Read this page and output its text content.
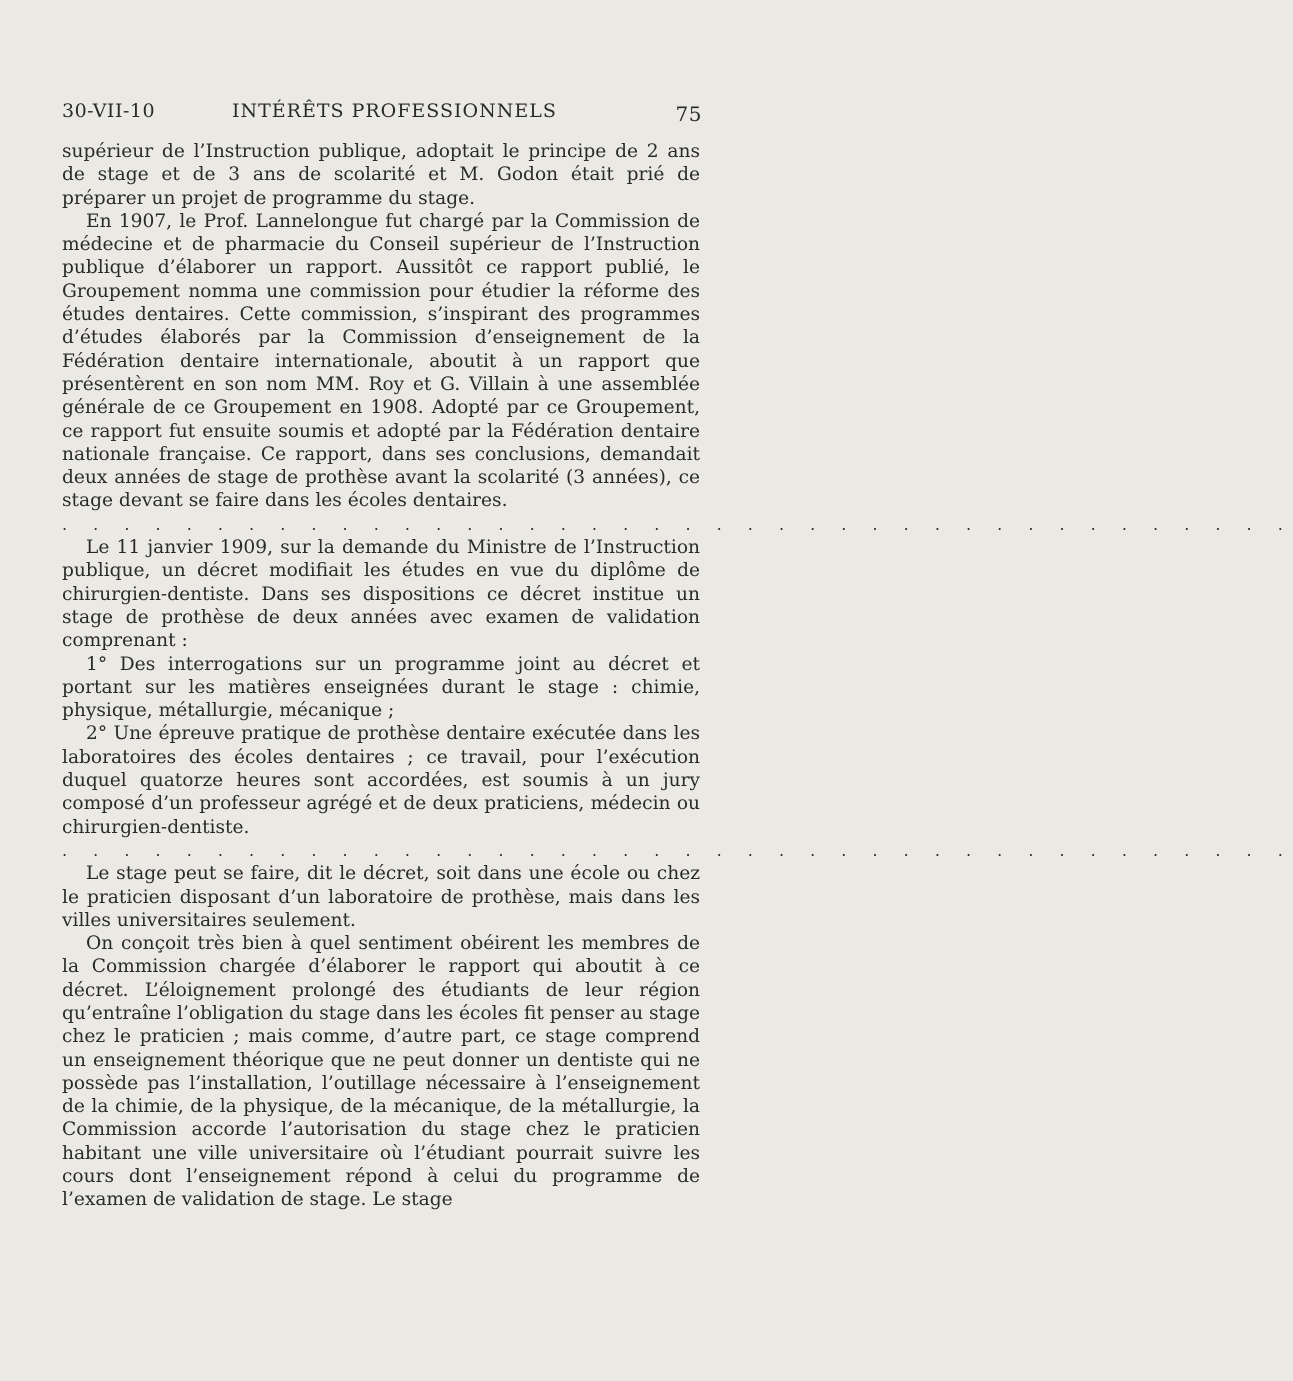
30-VII-10	INTÉRÊTS PROFESSIONNELS	75

supérieur de l’Instruction publique, adoptait le principe de 2 ans de stage et de 3 ans de scolarité et M. Godon était prié de préparer un projet de programme du stage.

En 1907, le Prof. Lannelongue fut chargé par la Commission de médecine et de pharmacie du Conseil supérieur de l’Instruction publique d’élaborer un rapport. Aussitôt ce rapport publié, le Groupement nomma une commission pour étudier la réforme des études dentaires. Cette commission, s’inspirant des programmes d’études élaborés par la Commission d’enseignement de la Fédération dentaire internationale, aboutit à un rapport que présentèrent en son nom MM. Roy et G. Villain à une assemblée générale de ce Groupement en 1908. Adopté par ce Groupement, ce rapport fut ensuite soumis et adopté par la Fédération dentaire nationale française. Ce rapport, dans ses conclusions, demandait deux années de stage de prothèse avant la scolarité (3 années), ce stage devant se faire dans les écoles dentaires.

. . . . . . . . . . . . . . . . . . . . . . . . . . . . . . . . . . . . . . . .

Le 11 janvier 1909, sur la demande du Ministre de l’Instruction publique, un décret modifiait les études en vue du diplôme de chirurgien-dentiste. Dans ses dispositions ce décret institue un stage de prothèse de deux années avec examen de validation comprenant :

1° Des interrogations sur un programme joint au décret et portant sur les matières enseignées durant le stage : chimie, physique, métallurgie, mécanique ;

2° Une épreuve pratique de prothèse dentaire exécutée dans les laboratoires des écoles dentaires ; ce travail, pour l’exécution duquel quatorze heures sont accordées, est soumis à un jury composé d’un professeur agrégé et de deux praticiens, médecin ou chirurgien-dentiste.

. . . . . . . . . . . . . . . . . . . . . . . . . . . . . . . . . . . . . . . .

Le stage peut se faire, dit le décret, soit dans une école ou chez le praticien disposant d’un laboratoire de prothèse, mais dans les villes universitaires seulement.

On conçoit très bien à quel sentiment obéirent les membres de la Commission chargée d’élaborer le rapport qui aboutit à ce décret. L’éloignement prolongé des étudiants de leur région qu’entraîne l’obligation du stage dans les écoles fit penser au stage chez le praticien ; mais comme, d’autre part, ce stage comprend un enseignement théorique que ne peut donner un dentiste qui ne possède pas l’installation, l’outillage nécessaire à l’enseignement de la chimie, de la physique, de la mécanique, de la métallurgie, la Commission accorde l’autorisation du stage chez le praticien habitant une ville universitaire où l’étudiant pourrait suivre les cours dont l’enseignement répond à celui du programme de l’examen de validation de stage. Le stage
